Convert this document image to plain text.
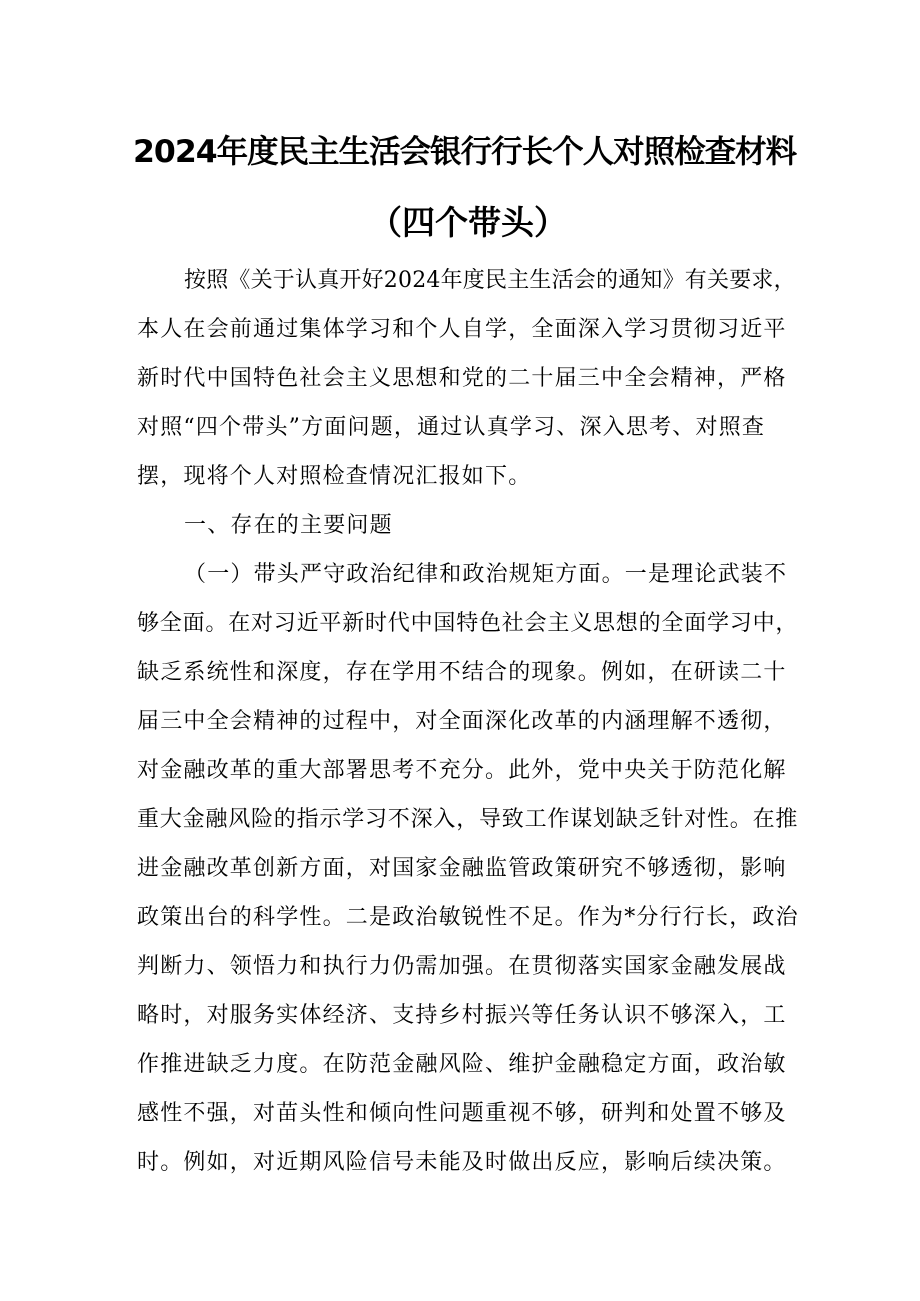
2024年度民主生活会银行行长个人对照检查材料
（四个带头）
按照《关于认真开好2024年度民主生活会的通知》有关要求，
本人在会前通过集体学习和个人自学，全面深入学习贯彻习近平
新时代中国特色社会主义思想和党的二十届三中全会精神，严格
对照“四个带头”方面问题，通过认真学习、深入思考、对照查
摆，现将个人对照检查情况汇报如下。
一、存在的主要问题
（一）带头严守政治纪律和政治规矩方面。一是理论武装不
够全面。在对习近平新时代中国特色社会主义思想的全面学习中，
缺乏系统性和深度，存在学用不结合的现象。例如，在研读二十
届三中全会精神的过程中，对全面深化改革的内涵理解不透彻，
对金融改革的重大部署思考不充分。此外，党中央关于防范化解
重大金融风险的指示学习不深入，导致工作谋划缺乏针对性。在推
进金融改革创新方面，对国家金融监管政策研究不够透彻，影响
政策出台的科学性。二是政治敏锐性不足。作为*分行行长，政治
判断力、领悟力和执行力仍需加强。在贯彻落实国家金融发展战
略时，对服务实体经济、支持乡村振兴等任务认识不够深入，工
作推进缺乏力度。在防范金融风险、维护金融稳定方面，政治敏
感性不强，对苗头性和倾向性问题重视不够，研判和处置不够及
时。例如，对近期风险信号未能及时做出反应，影响后续决策。
